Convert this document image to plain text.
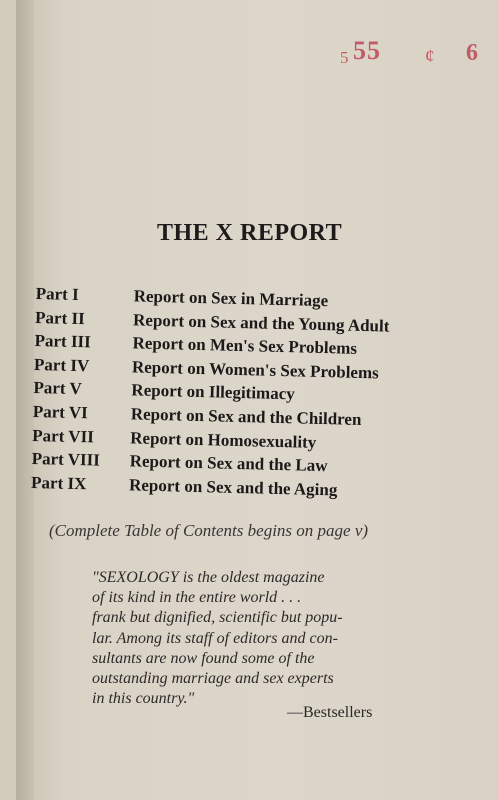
5 55 ¢ 6
THE X REPORT
Part I	Report on Sex in Marriage
Part II	Report on Sex and the Young Adult
Part III	Report on Men's Sex Problems
Part IV	Report on Women's Sex Problems
Part V	Report on Illegitimacy
Part VI	Report on Sex and the Children
Part VII	Report on Homosexuality
Part VIII	Report on Sex and the Law
Part IX	Report on Sex and the Aging
(Complete Table of Contents begins on page v)
"SEXOLOGY is the oldest magazine
of its kind in the entire world . . .
frank but dignified, scientific but popu-
lar. Among its staff of editors and con-
sultants are now found some of the
outstanding marriage and sex experts
in this country."
—Bestsellers
